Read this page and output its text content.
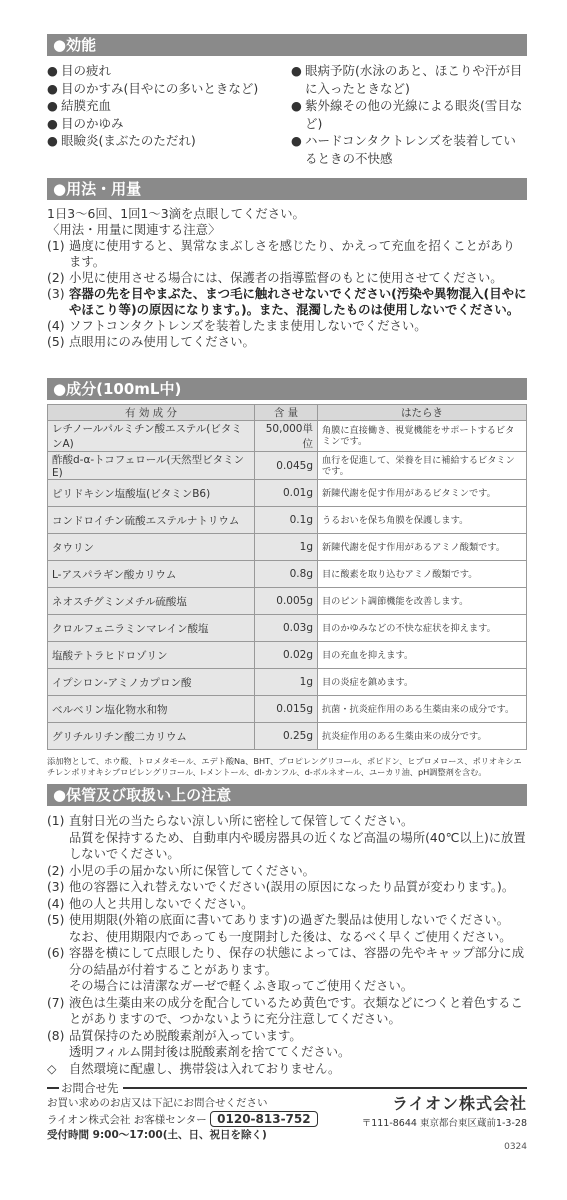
●効能
● 目の疲れ
● 目のかすみ(目やにの多いときなど)
● 結膜充血
● 目のかゆみ
● 眼瞼炎(まぶたのただれ)
● 眼病予防(水泳のあと、ほこりや汗が目に入ったときなど)
● 紫外線その他の光線による眼炎(雪目など)
● ハードコンタクトレンズを装着しているときの不快感
●用法・用量
1日3～6回、1回1～3滴を点眼してください。
〈用法・用量に関連する注意〉
(1) 過度に使用すると、異常なまぶしさを感じたり、かえって充血を招くことがあります。
(2) 小児に使用させる場合には、保護者の指導監督のもとに使用させてください。
(3) 容器の先を目やまぶた、まつ毛に触れさせないでください(汚染や異物混入(目やにやほこり等)の原因になります。)。また、混濁したものは使用しないでください。
(4) ソフトコンタクトレンズを装着したまま使用しないでください。
(5) 点眼用にのみ使用してください。
●成分(100mL中)
有 効 成 分	含 量	はたらき
レチノールパルミチン酸エステル(ビタミンA)	50,000単位	角膜に直接働き、視覚機能をサポートするビタミンです。
酢酸d-α-トコフェロール(天然型ビタミンE)	0.045g	血行を促進して、栄養を目に補給するビタミンです。
ピリドキシン塩酸塩(ビタミンB6)	0.01g	新陳代謝を促す作用があるビタミンです。
コンドロイチン硫酸エステルナトリウム	0.1g	うるおいを保ち角膜を保護します。
タウリン	1g	新陳代謝を促す作用があるアミノ酸類です。
L-アスパラギン酸カリウム	0.8g	目に酸素を取り込むアミノ酸類です。
ネオスチグミンメチル硫酸塩	0.005g	目のピント調節機能を改善します。
クロルフェニラミンマレイン酸塩	0.03g	目のかゆみなどの不快な症状を抑えます。
塩酸テトラヒドロゾリン	0.02g	目の充血を抑えます。
イプシロン-アミノカプロン酸	1g	目の炎症を鎮めます。
ベルベリン塩化物水和物	0.015g	抗菌・抗炎症作用のある生薬由来の成分です。
グリチルリチン酸二カリウム	0.25g	抗炎症作用のある生薬由来の成分です。
添加物として、ホウ酸、トロメタモール、エデト酸Na、BHT、プロピレングリコール、ポビドン、ヒプロメロース、ポリオキシエチレンポリオキシプロピレングリコール、l-メントール、dl-カンフル、d-ボルネオール、ユーカリ油、pH調整剤を含む。
●保管及び取扱い上の注意
(1) 直射日光の当たらない涼しい所に密栓して保管してください。
品質を保持するため、自動車内や暖房器具の近くなど高温の場所(40℃以上)に放置しないでください。
(2) 小児の手の届かない所に保管してください。
(3) 他の容器に入れ替えないでください(誤用の原因になったり品質が変わります。)。
(4) 他の人と共用しないでください。
(5) 使用期限(外箱の底面に書いてあります)の過ぎた製品は使用しないでください。
なお、使用期限内であっても一度開封した後は、なるべく早くご使用ください。
(6) 容器を横にして点眼したり、保存の状態によっては、容器の先やキャップ部分に成分の結晶が付着することがあります。
その場合には清潔なガーゼで軽くふき取ってご使用ください。
(7) 液色は生薬由来の成分を配合しているため黄色です。衣類などにつくと着色することがありますので、つかないように充分注意してください。
(8) 品質保持のため脱酸素剤が入っています。
透明フィルム開封後は脱酸素剤を捨ててください。
◇	自然環境に配慮し、携帯袋は入れておりません。
お問合せ先
お買い求めのお店又は下記にお問合せください
ライオン株式会社 お客様センター 0120-813-752
受付時間 9:00～17:00(土、日、祝日を除く)
ライオン株式会社
〒111-8644 東京都台東区蔵前1-3-28
0324
